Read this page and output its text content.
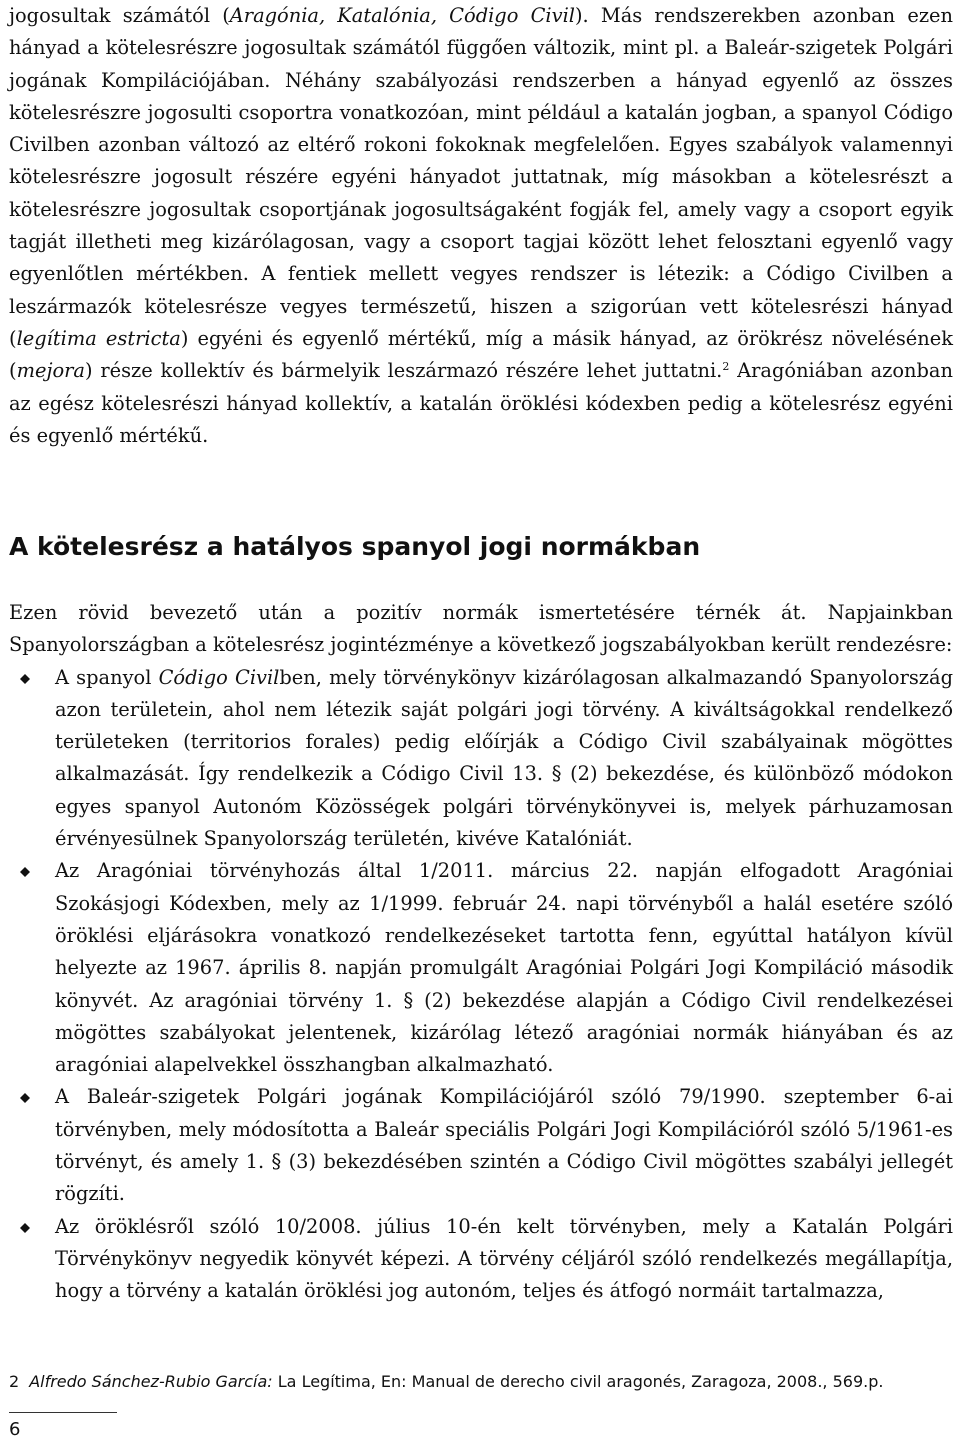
jogosultak számától (Aragónia, Katalónia, Código Civil). Más rendszerekben azonban ezen hányad a kötelesrészre jogosultak számától függően változik, mint pl. a Baleár-szigetek Polgári jogának Kompilációjában. Néhány szabályozási rendszerben a hányad egyenlő az összes kötelesrészre jogosulti csoportra vonatkozóan, mint például a katalán jogban, a spanyol Código Civilben azonban változó az eltérő rokoni fokoknak megfelelően. Egyes szabályok valamennyi kötelesrészre jogosult részére egyéni hányadot juttatnak, míg másokban a kötelesrészt a kötelesrészre jogosultak csoportjának jogosultságaként fogják fel, amely vagy a csoport egyik tagját illetheti meg kizárólagosan, vagy a csoport tagjai között lehet felosztani egyenlő vagy egyenlőtlen mértékben. A fentiek mellett vegyes rendszer is létezik: a Código Civilben a leszármazók kötelesrésze vegyes természetű, hiszen a szigorúan vett kötelesrészi hányad (legítima estricta) egyéni és egyenlő mértékű, míg a másik hányad, az örökrész növelésének (mejora) része kollektív és bármelyik leszármazó részére lehet juttatni.$^2$ Aragóniában azonban az egész kötelesrészi hányad kollektív, a katalán öröklési kódexben pedig a kötelesrész egyéni és egyenlő mértékű.

A kötelesrész a hatályos spanyol jogi normákban

Ezen rövid bevezető után a pozitív normák ismertetésére térnék át. Napjainkban Spanyolországban a kötelesrész jogintézménye a következő jogszabályokban került rendezésre:

A spanyol Código Civilben, mely törvénykönyv kizárólagosan alkalmazandó Spanyolország azon területein, ahol nem létezik saját polgári jogi törvény. A kiváltságokkal rendelkező területeken (territorios forales) pedig előírják a Código Civil szabályainak mögöttes alkalmazását. Így rendelkezik a Código Civil 13. § (2) bekezdése, és különböző módokon egyes spanyol Autonóm Közösségek polgári törvénykönyvei is, melyek párhuzamosan érvényesülnek Spanyolország területén, kivéve Katalóniát.
Az Aragóniai törvényhozás által 1/2011. március 22. napján elfogadott Aragóniai Szokásjogi Kódexben, mely az 1/1999. február 24. napi törvényből a halál esetére szóló öröklési eljárásokra vonatkozó rendelkezéseket tartotta fenn, egyúttal hatályon kívül helyezte az 1967. április 8. napján promulgált Aragóniai Polgári Jogi Kompiláció második könyvét. Az aragóniai törvény 1. § (2) bekezdése alapján a Código Civil rendelkezései mögöttes szabályokat jelentenek, kizárólag létező aragóniai normák hiányában és az aragóniai alapelvekkel összhangban alkalmazható.
A Baleár-szigetek Polgári jogának Kompilációjáról szóló 79/1990. szeptember 6-ai törvényben, mely módosította a Baleár speciális Polgári Jogi Kompilációról szóló 5/1961-es törvényt, és amely 1. § (3) bekezdésében szintén a Código Civil mögöttes szabályi jellegét rögzíti.
Az öröklésről szóló 10/2008. július 10-én kelt törvényben, mely a Katalán Polgári Törvénykönyv negyedik könyvét képezi. A törvény céljáról szóló rendelkezés megállapítja, hogy a törvény a katalán öröklési jog autonóm, teljes és átfogó normáit tartalmazza,
2 Alfredo Sánchez-Rubio García: La Legítima, En: Manual de derecho civil aragonés, Zaragoza, 2008., 569.p.
6
